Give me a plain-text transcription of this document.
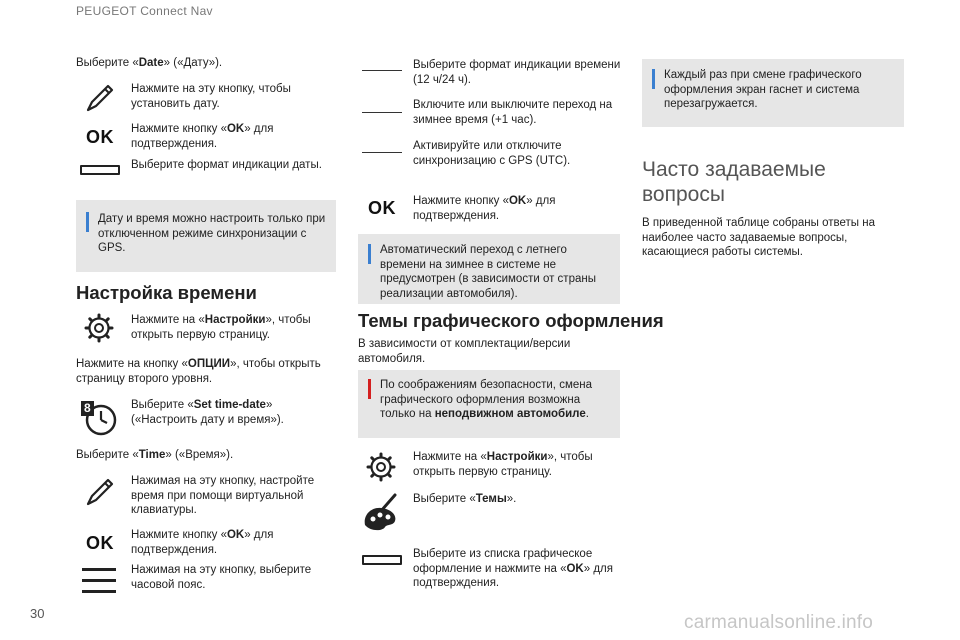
PEUGEOT Connect Nav
30	carmanualsonline.info
Выберите «Date» («Дату»).
Нажмите на эту кнопку, чтобы установить дату.
OK	Нажмите кнопку «OK» для подтверждения.
Выберите формат индикации даты.
Дату и время можно настроить только при отключенном режиме синхронизации с GPS.
Настройка времени
Нажмите на «Настройки», чтобы открыть первую страницу.
Нажмите на кнопку «ОПЦИИ», чтобы открыть страницу второго уровня.
8	Выберите «Set time-date» («Настроить дату и время»).
Выберите «Time» («Время»).
Нажимая на эту кнопку, настройте время при помощи виртуальной клавиатуры.
OK	Нажмите кнопку «OK» для подтверждения.
Нажимая на эту кнопку, выберите часовой пояс.
Выберите формат индикации времени (12 ч/24 ч).
Включите или выключите переход на зимнее время (+1 час).
Активируйте или отключите синхронизацию с GPS (UTC).
OK	Нажмите кнопку «OK» для подтверждения.
Автоматический переход с летнего времени на зимнее в системе не предусмотрен (в зависимости от страны реализации автомобиля).
Темы графического оформления
В зависимости от комплектации/версии автомобиля.
По соображениям безопасности, смена графического оформления возможна только на неподвижном автомобиле.
Нажмите на «Настройки», чтобы открыть первую страницу.
Выберите «Темы».
Выберите из списка графическое оформление и нажмите на «OK» для подтверждения.
Каждый раз при смене графического оформления экран гаснет и система перезагружается.
Часто задаваемые
вопросы
В приведенной таблице собраны ответы на наиболее часто задаваемые вопросы, касающиеся работы системы.
